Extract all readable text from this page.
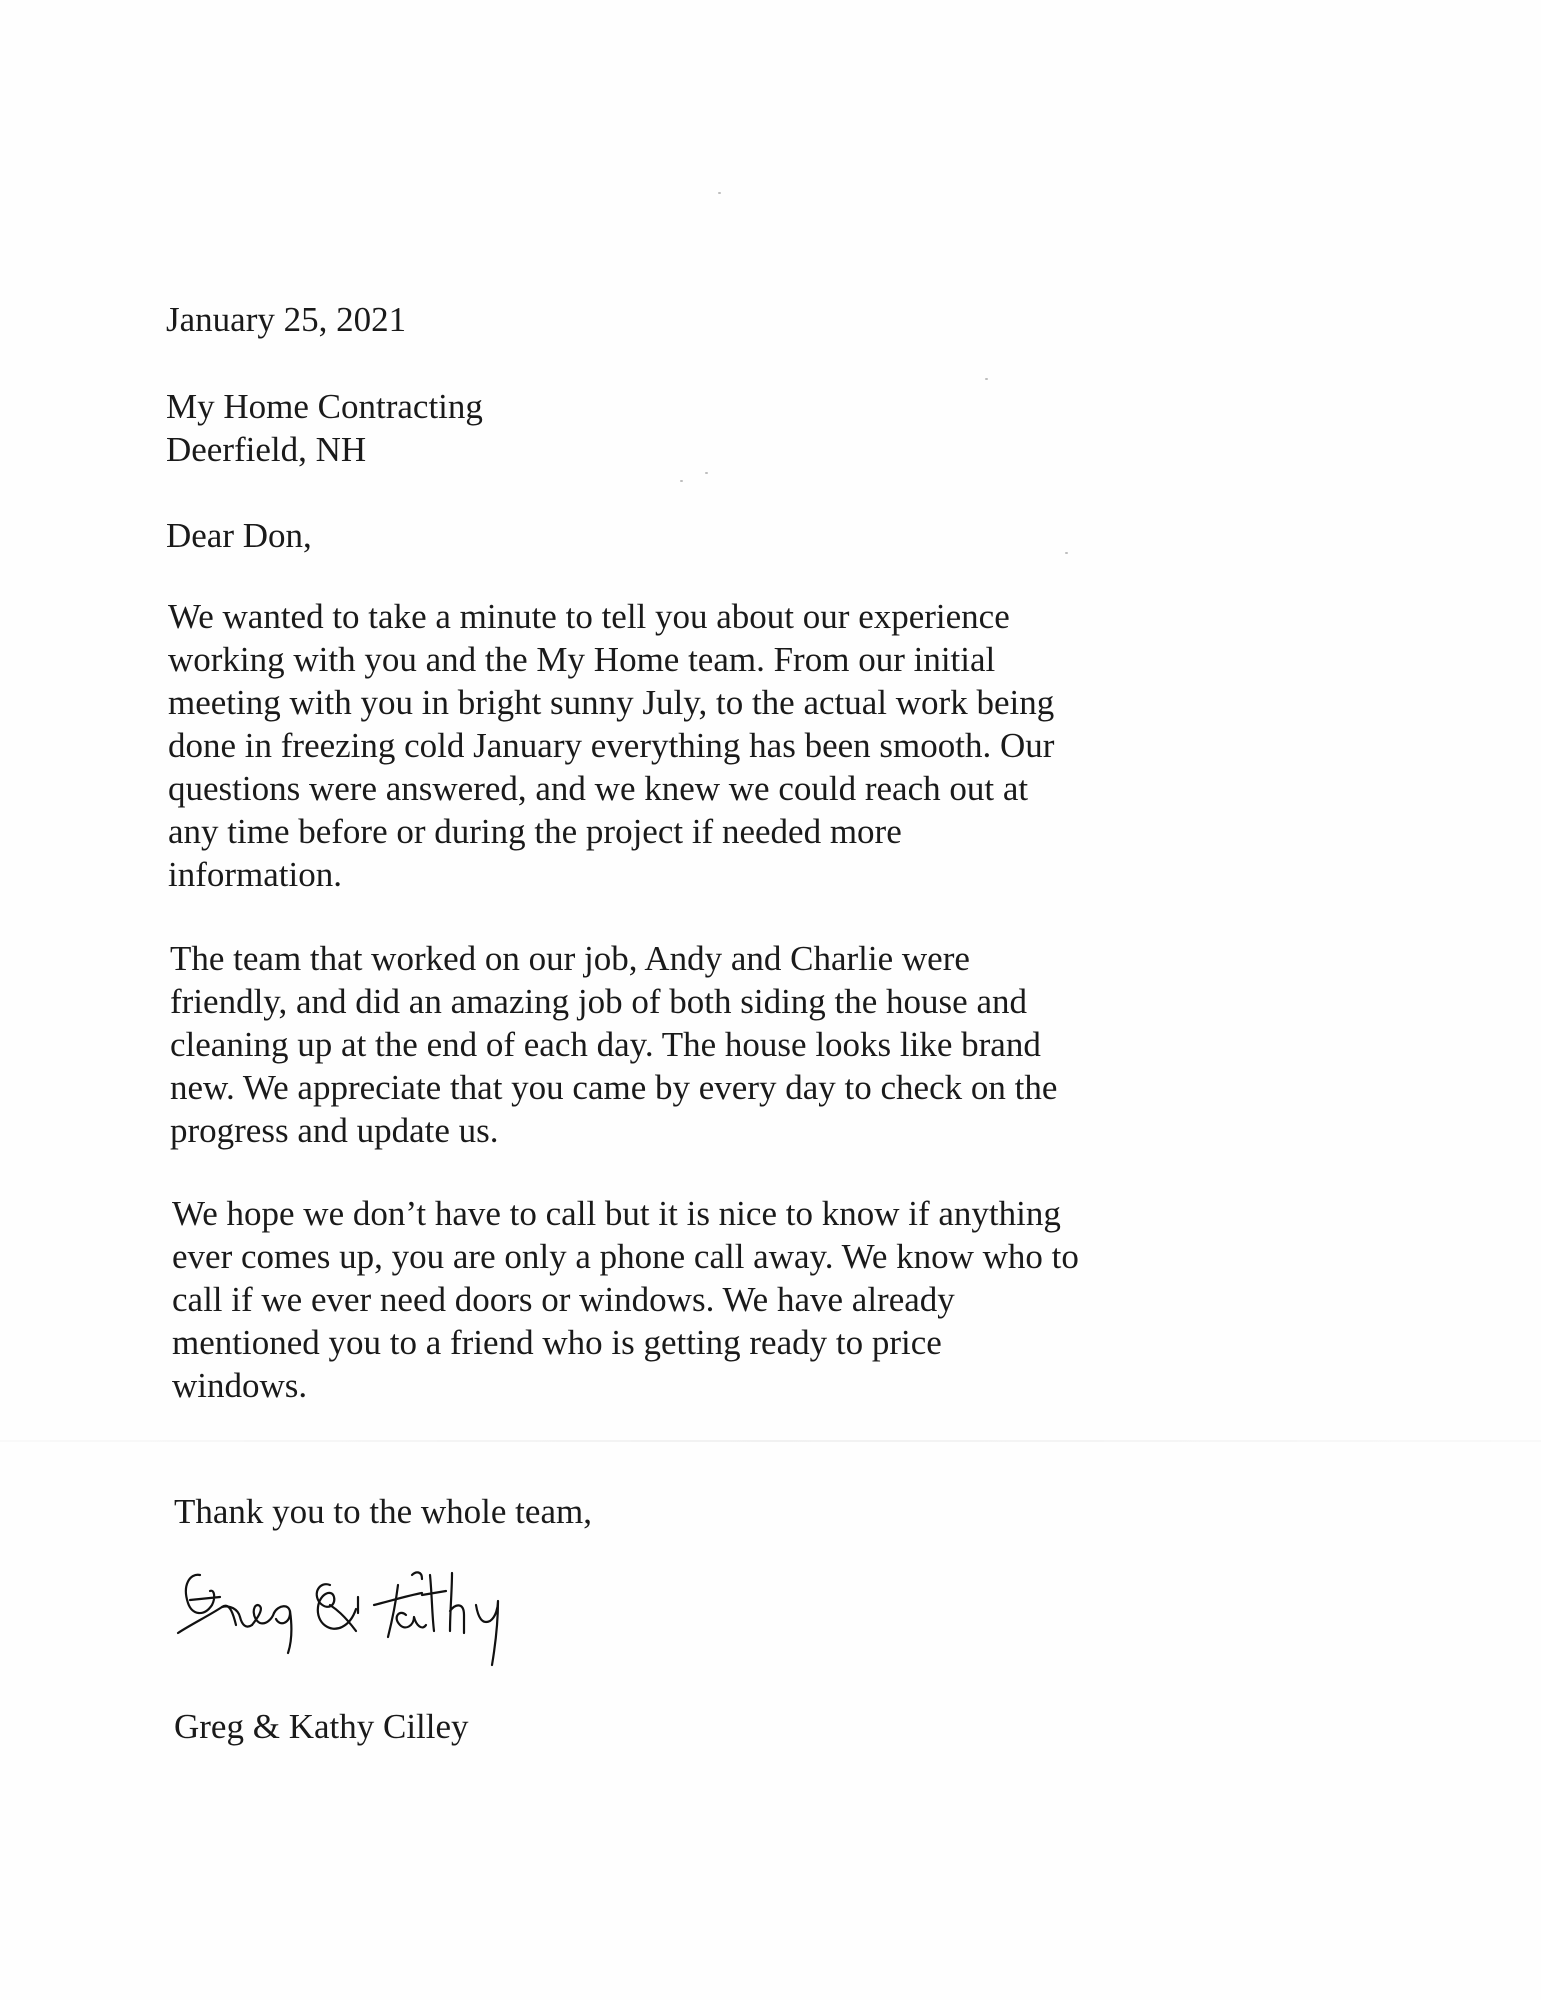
January 25, 2021
My Home Contracting
Deerfield, NH
Dear Don,
We wanted to take a minute to tell you about our experience
working with you and the My Home team. From our initial
meeting with you in bright sunny July, to the actual work being
done in freezing cold January everything has been smooth. Our
questions were answered, and we knew we could reach out at
any time before or during the project if needed more
information.
The team that worked on our job, Andy and Charlie were
friendly, and did an amazing job of both siding the house and
cleaning up at the end of each day. The house looks like brand
new. We appreciate that you came by every day to check on the
progress and update us.
We hope we don’t have to call but it is nice to know if anything
ever comes up, you are only a phone call away. We know who to
call if we ever need doors or windows. We have already
mentioned you to a friend who is getting ready to price
windows.
Thank you to the whole team,
Greg & Kathy Cilley
